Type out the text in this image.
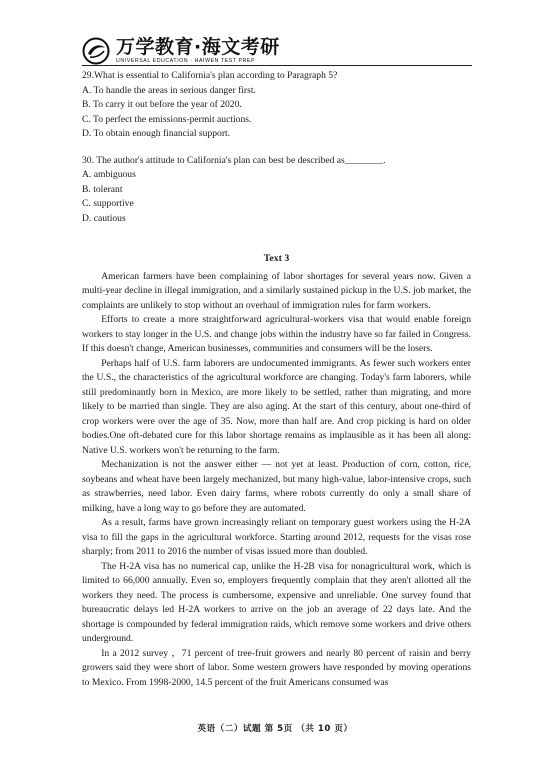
万学教育·海文考研
UNIVERSAL EDUCATION · HAIWEN TEST PREP

29.What is essential to California's plan according to Paragraph 5?

A. To handle the areas in serious danger first.

B. To carry it out before the year of 2020.

C. To perfect the emissions-permit auctions.

D. To obtain enough financial support.

30. The author's attitude to California's plan can best be described as________.

A. ambiguous

B. tolerant

C. supportive

D. cautious

Text 3

American farmers have been complaining of labor shortages for several years now. Given a multi-year decline in illegal immigration, and a similarly sustained pickup in the U.S. job market, the complaints are unlikely to stop without an overhaul of immigration rules for farm workers.

Efforts to create a more straightforward agricultural-workers visa that would enable foreign workers to stay longer in the U.S. and change jobs within the industry have so far failed in Congress. If this doesn't change, American businesses, communities and consumers will be the losers.

Perhaps half of U.S. farm laborers are undocumented immigrants. As fewer such workers enter the U.S., the characteristics of the agricultural workforce are changing. Today's farm laborers, while still predominantly born in Mexico, are more likely to be settled, rather than migrating, and more likely to be married than single. They are also aging. At the start of this century, about one-third of crop workers were over the age of 35. Now, more than half are. And crop picking is hard on older bodies.One oft-debated cure for this labor shortage remains as implausible as it has been all along: Native U.S. workers won't be returning to the farm.

Mechanization is not the answer either — not yet at least. Production of corn, cotton, rice, soybeans and wheat have been largely mechanized, but many high-value, labor-intensive crops, such as strawberries, need labor. Even dairy farms, where robots currently do only a small share of milking, have a long way to go before they are automated.

As a result, farms have grown increasingly reliant on temporary guest workers using the H-2A visa to fill the gaps in the agricultural workforce. Starting around 2012, requests for the visas rose sharply; from 2011 to 2016 the number of visas issued more than doubled.

The H-2A visa has no numerical cap, unlike the H-2B visa for nonagricultural work, which is limited to 66,000 annually. Even so, employers frequently complain that they aren't allotted all the workers they need. The process is cumbersome, expensive and unreliable. One survey found that bureaucratic delays led H-2A workers to arrive on the job an average of 22 days late. And the shortage is compounded by federal immigration raids, which remove some workers and drive others underground.

In a 2012 survey ，71 percent of tree-fruit growers and nearly 80 percent of raisin and berry growers said they were short of labor. Some western growers have responded by moving operations to Mexico. From 1998-2000, 14.5 percent of the fruit Americans consumed was

英语（二）试题 第 5页 （共 10 页）
